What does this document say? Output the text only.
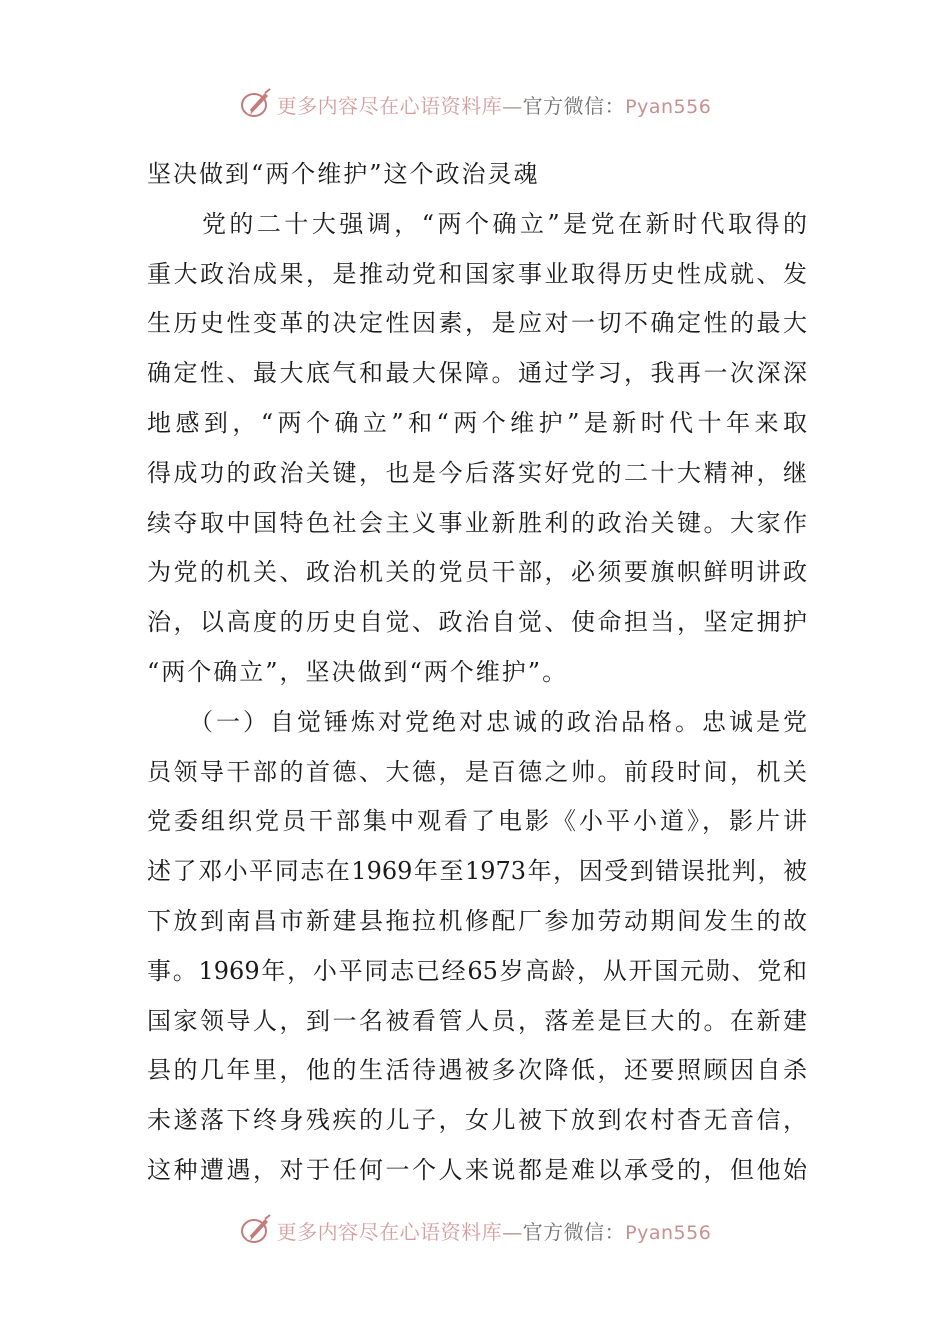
更多内容尽在心语资料库—官方微信：Pyan556
坚决做到“两个维护”这个政治灵魂
　　党的二十大强调，“两个确立”是党在新时代取得的
重大政治成果，是推动党和国家事业取得历史性成就、发
生历史性变革的决定性因素，是应对一切不确定性的最大
确定性、最大底气和最大保障。通过学习，我再一次深深
地感到，“两个确立”和“两个维护”是新时代十年来取
得成功的政治关键，也是今后落实好党的二十大精神，继
续夺取中国特色社会主义事业新胜利的政治关键。大家作
为党的机关、政治机关的党员干部，必须要旗帜鲜明讲政
治，以高度的历史自觉、政治自觉、使命担当，坚定拥护
“两个确立”，坚决做到“两个维护”。
　　（一）自觉锤炼对党绝对忠诚的政治品格。忠诚是党
员领导干部的首德、大德，是百德之帅。前段时间，机关
党委组织党员干部集中观看了电影《小平小道》，影片讲
述了邓小平同志在1969年至1973年，因受到错误批判，被
下放到南昌市新建县拖拉机修配厂参加劳动期间发生的故
事。1969年，小平同志已经65岁高龄，从开国元勋、党和
国家领导人，到一名被看管人员，落差是巨大的。在新建
县的几年里，他的生活待遇被多次降低，还要照顾因自杀
未遂落下终身残疾的儿子，女儿被下放到农村杳无音信，
这种遭遇，对于任何一个人来说都是难以承受的，但他始
更多内容尽在心语资料库—官方微信：Pyan556
